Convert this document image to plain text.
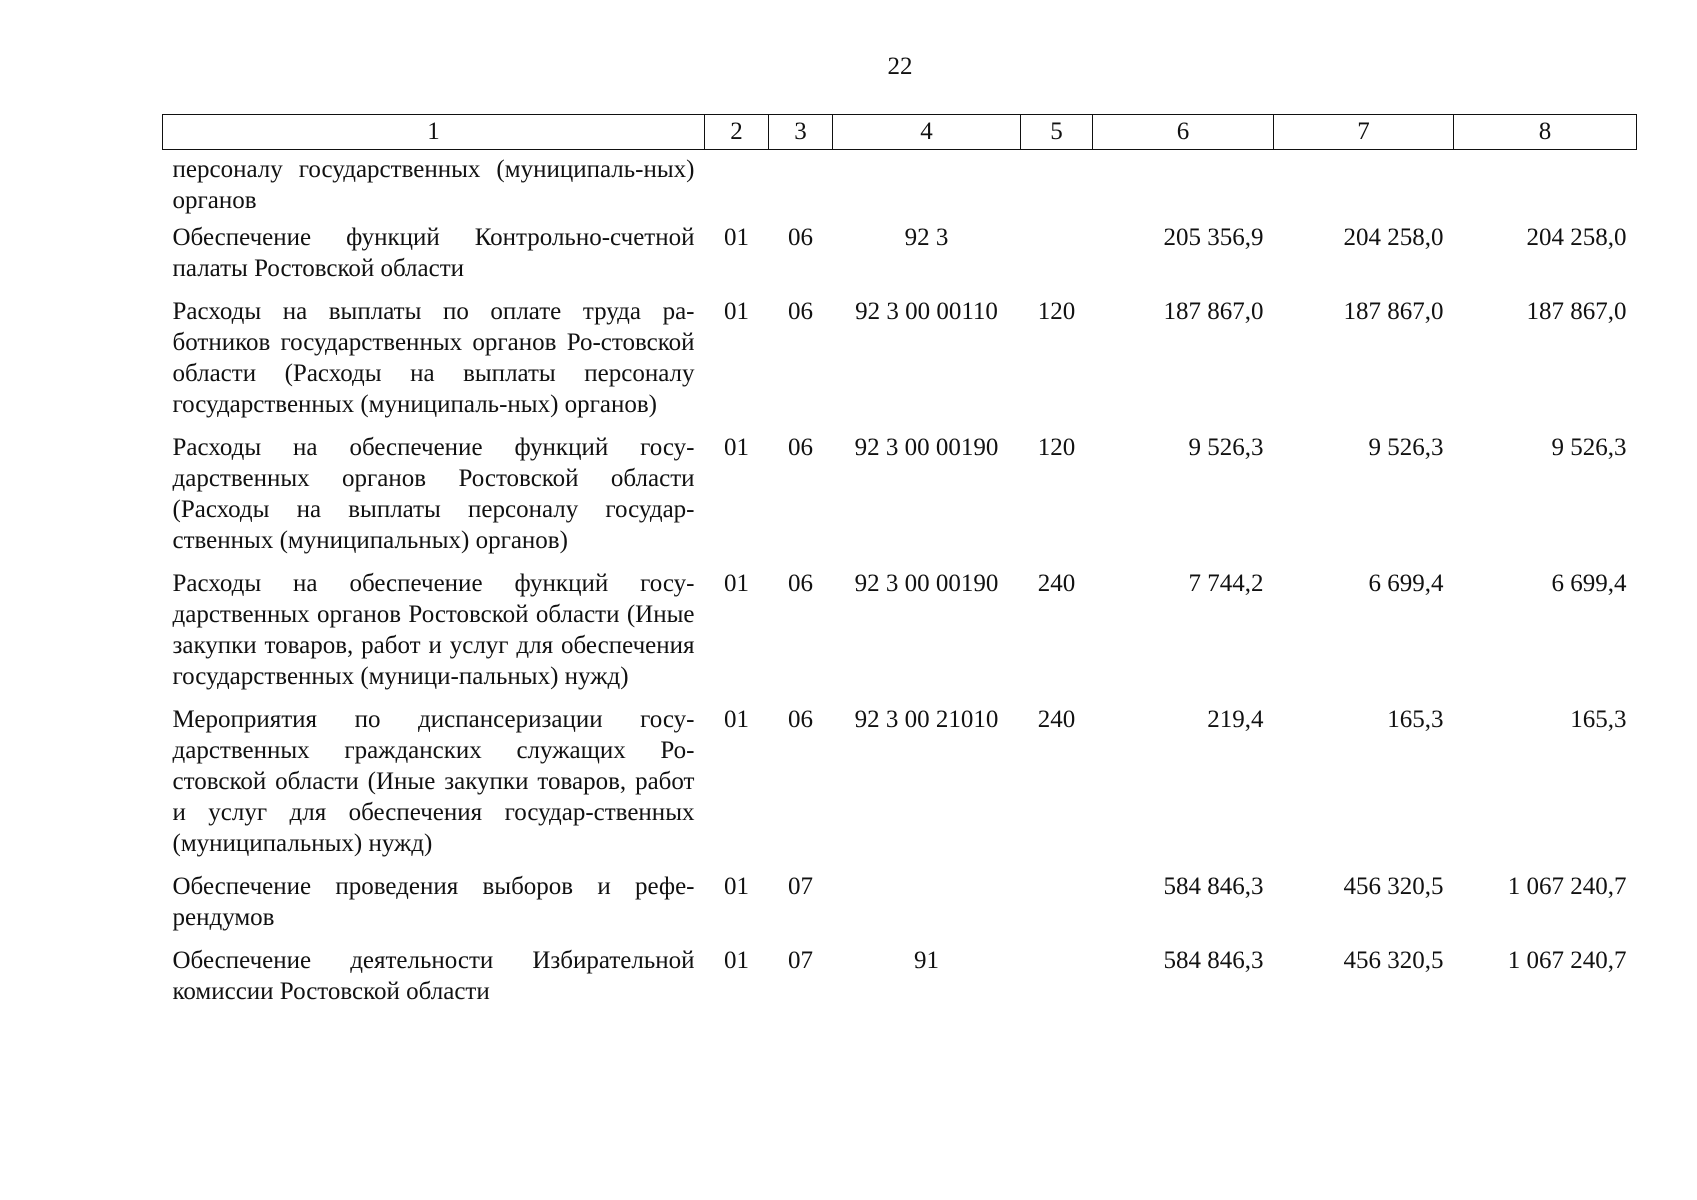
22
1	2	3	4	5	6	7	8
персоналу государственных (муниципаль-ных) органов							
Обеспечение функций Контрольно-счетной палаты Ростовской области	01	06	92 3		205 356,9	204 258,0	204 258,0
Расходы на выплаты по оплате труда ра-ботников государственных органов Ро-стовской области (Расходы на выплаты персоналу государственных (муниципаль-ных) органов)	01	06	92 3 00 00110	120	187 867,0	187 867,0	187 867,0
Расходы на обеспечение функций госу-дарственных органов Ростовской области (Расходы на выплаты персоналу государ-ственных (муниципальных) органов)	01	06	92 3 00 00190	120	9 526,3	9 526,3	9 526,3
Расходы на обеспечение функций госу-дарственных органов Ростовской области (Иные закупки товаров, работ и услуг для обеспечения государственных (муници-пальных) нужд)	01	06	92 3 00 00190	240	7 744,2	6 699,4	6 699,4
Мероприятия по диспансеризации госу-дарственных гражданских служащих Ро-стовской области (Иные закупки товаров, работ и услуг для обеспечения государ-ственных (муниципальных) нужд)	01	06	92 3 00 21010	240	219,4	165,3	165,3
Обеспечение проведения выборов и рефе-рендумов	01	07			584 846,3	456 320,5	1 067 240,7
Обеспечение деятельности Избирательной комиссии Ростовской области	01	07	91		584 846,3	456 320,5	1 067 240,7
